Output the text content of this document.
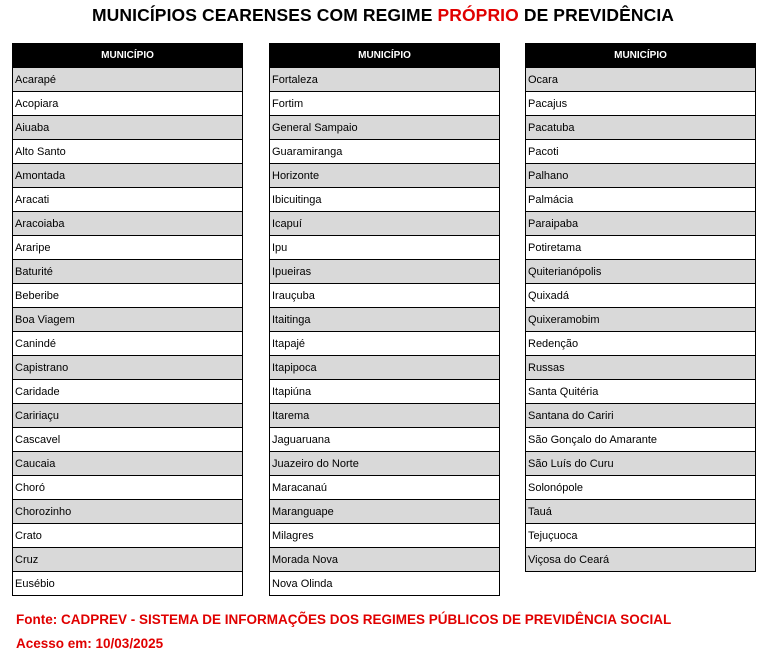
MUNICÍPIOS CEARENSES COM REGIME PRÓPRIO DE PREVIDÊNCIA
MUNICÍPIO
Acarapé
Acopiara
Aiuaba
Alto Santo
Amontada
Aracati
Aracoiaba
Araripe
Baturité
Beberibe
Boa Viagem
Canindé
Capistrano
Caridade
Caririaçu
Cascavel
Caucaia
Choró
Chorozinho
Crato
Cruz
Eusébio
MUNICÍPIO
Fortaleza
Fortim
General Sampaio
Guaramiranga
Horizonte
Ibicuitinga
Icapuí
Ipu
Ipueiras
Irauçuba
Itaitinga
Itapajé
Itapipoca
Itapiúna
Itarema
Jaguaruana
Juazeiro do Norte
Maracanaú
Maranguape
Milagres
Morada Nova
Nova Olinda
MUNICÍPIO
Ocara
Pacajus
Pacatuba
Pacoti
Palhano
Palmácia
Paraipaba
Potiretama
Quiterianópolis
Quixadá
Quixeramobim
Redenção
Russas
Santa Quitéria
Santana do Cariri
São Gonçalo do Amarante
São Luís do Curu
Solonópole
Tauá
Tejuçuoca
Viçosa do Ceará
Fonte: CADPREV - SISTEMA DE INFORMAÇÕES DOS REGIMES PÚBLICOS DE PREVIDÊNCIA SOCIAL
Acesso em: 10/03/2025
